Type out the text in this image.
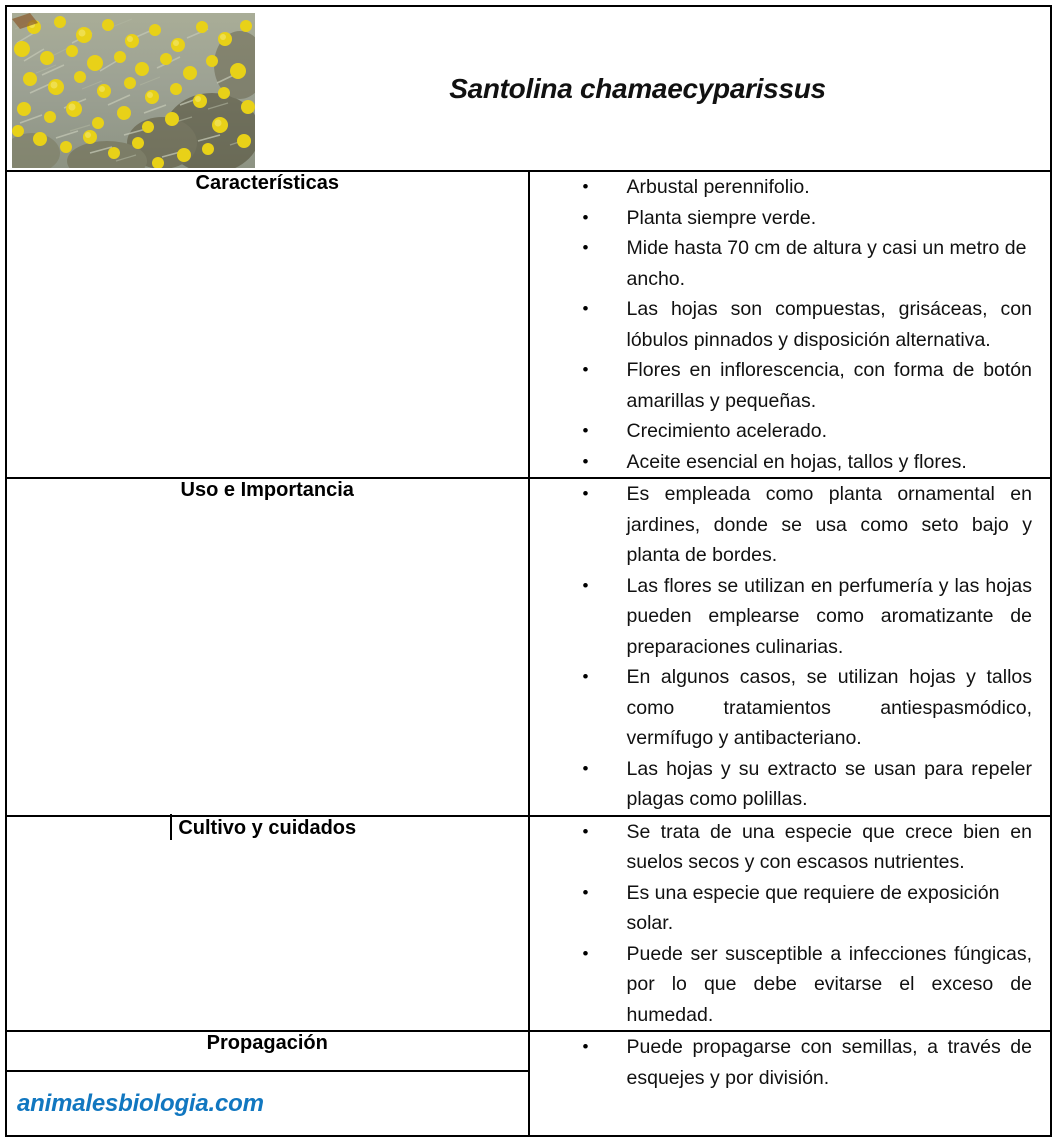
Santolina chamaecyparissus	

Características	
•Arbustal perennifolio.
• Planta siempre verde.
• Mide hasta 70 cm de altura y casi un metro de ancho.
• Las hojas son compuestas, grisáceas, con lóbulos pinnados y disposición alternativa.
• Flores en inflorescencia, con forma de botón amarillas y pequeñas.
• Crecimiento acelerado.
• Aceite esencial en hojas, tallos y flores.

Uso e Importancia	
•Es empleada como planta ornamental en jardines, donde se usa como seto bajo y planta de bordes.
• Las flores se utilizan en perfumería y las hojas pueden emplearse como aromatizante de preparaciones culinarias.
• En algunos casos, se utilizan hojas y tallos como tratamientos antiespasmódico, vermífugo y antibacteriano.
• Las hojas y su extracto se usan para repeler plagas como polillas.

Cultivo y cuidados	
•Se trata de una especie que crece bien en suelos secos y con escasos nutrientes.
• Es una especie que requiere de exposición solar.
• Puede ser susceptible a infecciones fúngicas, por lo que debe evitarse el exceso de humedad.

Propagación	
•Puede propagarse con semillas, a través de esquejes y por división.

animalesbiologia.com	
